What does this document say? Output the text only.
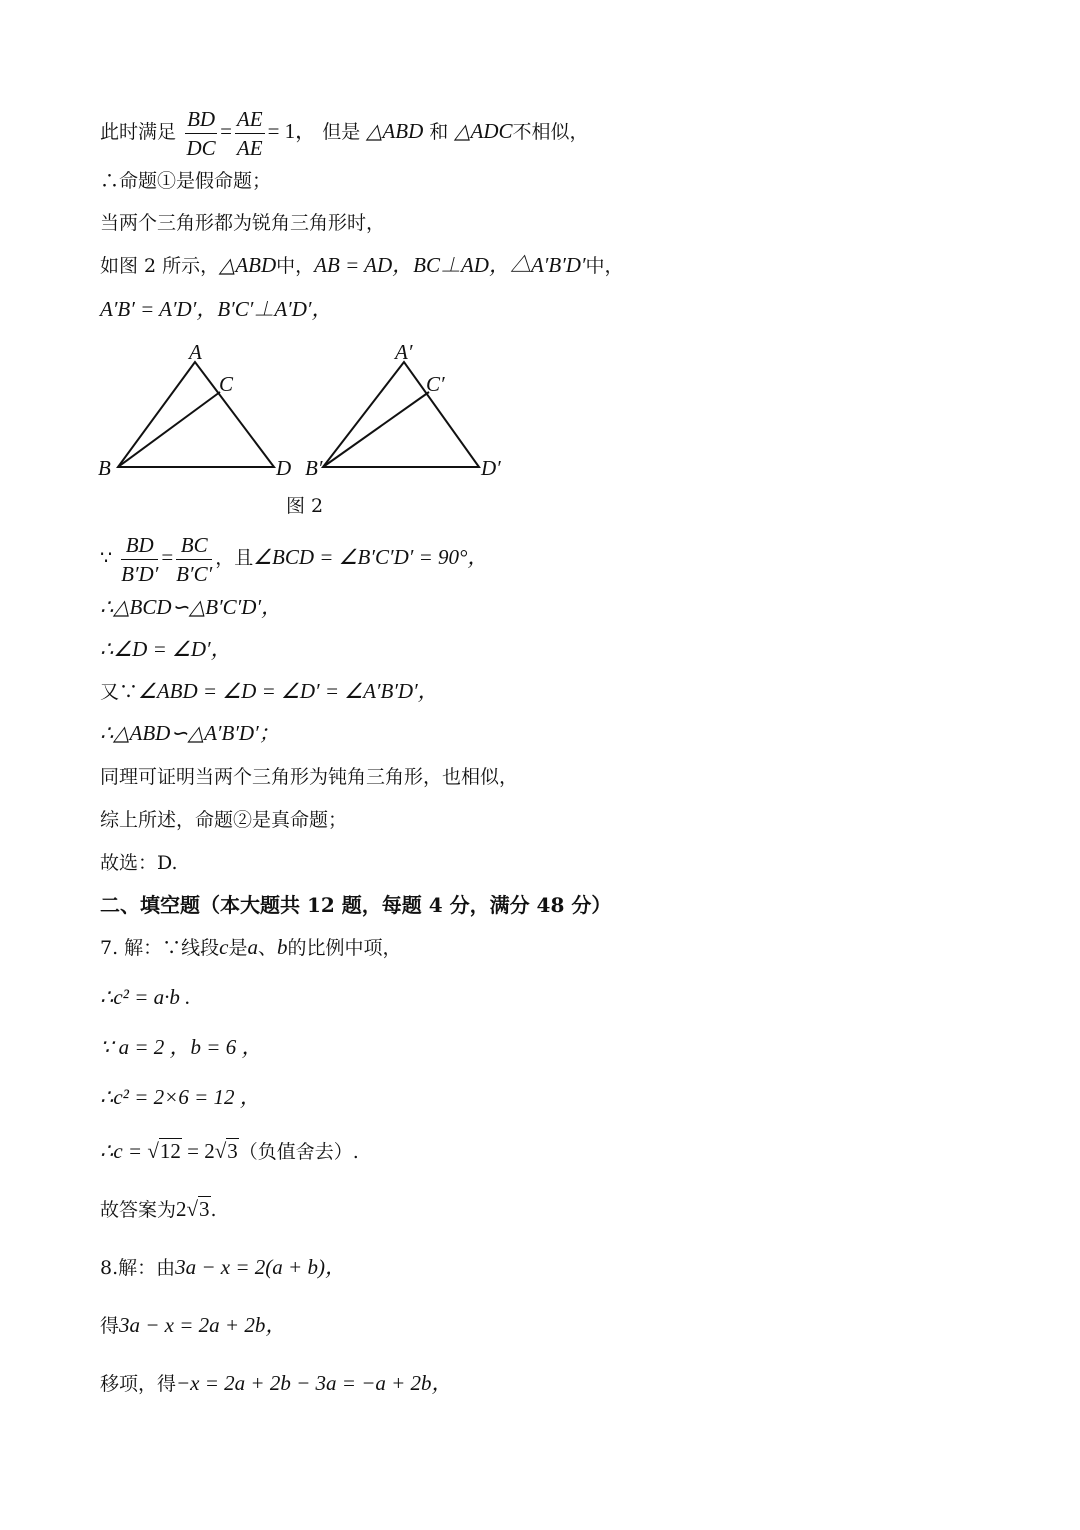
此时满足 $\frac{BD}{DC} = \frac{AE}{AE} = 1$， 但是 △ABD 和 △ADC不相似，
∴命题①是假命题；
当两个三角形都为锐角三角形时，
如图 2 所示，△ABD中，AB = AD，BC⊥AD，△A′B′D′中，
A′B′ = A′D′，B′C′⊥A′D′，
A
C
B	D
A′
C′
B′	D′
图 2
∵ $\frac{BD}{B'D'} = \frac{BC}{B'C'}$ ，且∠BCD = ∠B′C′D′ = 90°，
∴△BCD∽△B′C′D′，
∴∠D = ∠D′，
又∵∠ABD = ∠D = ∠D′ = ∠A′B′D′，
∴△ABD∽△A′B′D′；
同理可证明当两个三角形为钝角三角形，也相似，
综上所述，命题②是真命题；
故选：D.
二、填空题（本大题共 12 题，每题 4 分，满分 48 分）
7. 解：∵线段c是a、b的比例中项，
∴c² = a·b .
∵ a = 2 ，b = 6 ，
∴c² = 2×6 = 12 ，
∴c = √12 = 2√3（负值舍去）.
故答案为2√3.
8.解：由3a − x = 2(a + b)，
得3a − x = 2a + 2b，
移项，得−x = 2a + 2b − 3a = −a + 2b，
